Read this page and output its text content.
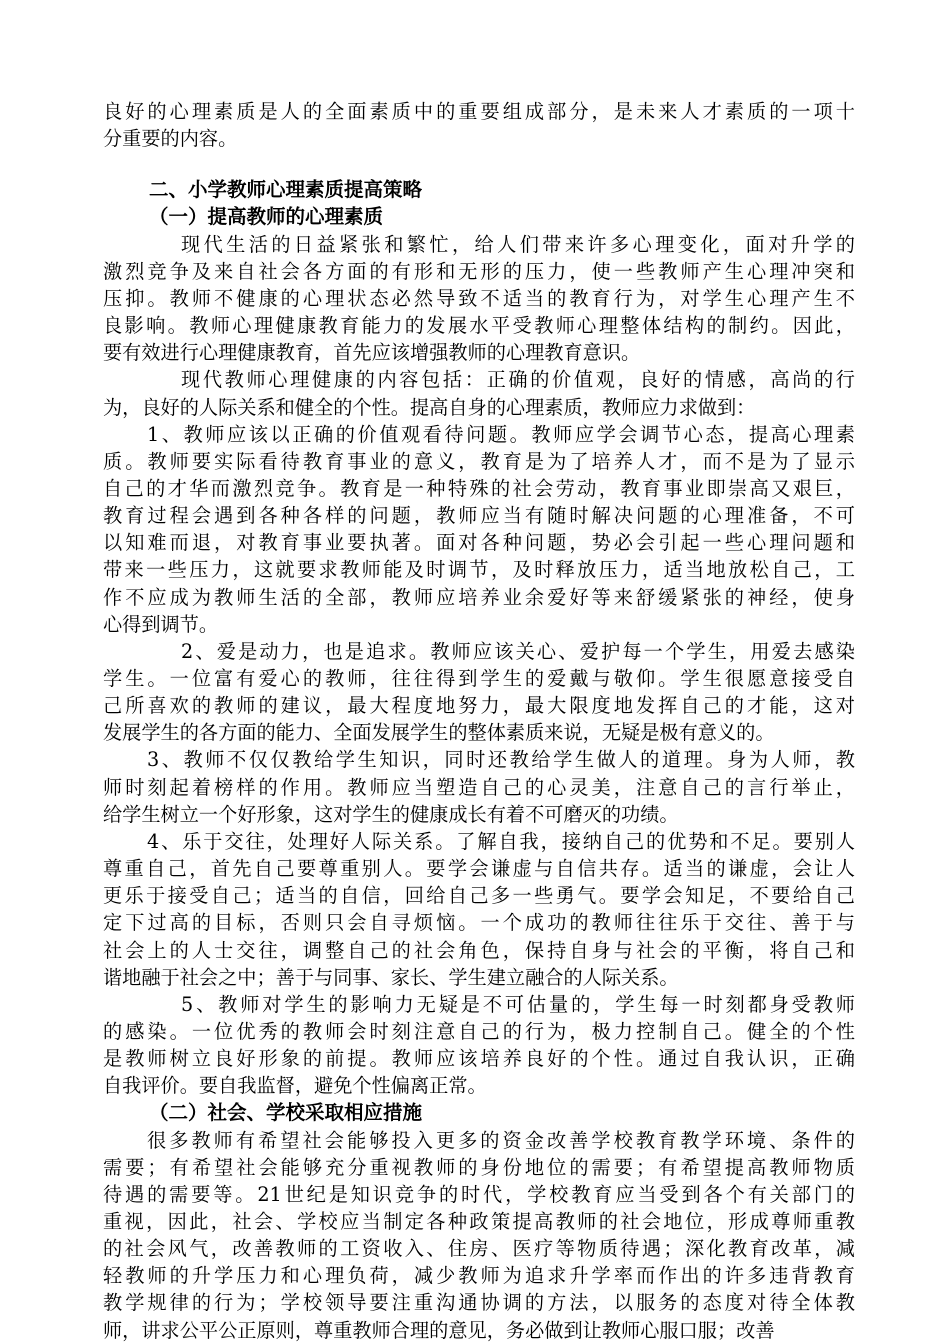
良好的心理素质是人的全面素质中的重要组成部分，是未来人才素质的一项十
分重要的内容。
二、小学教师心理素质提高策略
（一）提高教师的心理素质
现代生活的日益紧张和繁忙，给人们带来许多心理变化，面对升学的
激烈竞争及来自社会各方面的有形和无形的压力，使一些教师产生心理冲突和
压抑。教师不健康的心理状态必然导致不适当的教育行为，对学生心理产生不
良影响。教师心理健康教育能力的发展水平受教师心理整体结构的制约。因此，
要有效进行心理健康教育，首先应该增强教师的心理教育意识。
现代教师心理健康的内容包括：正确的价值观，良好的情感，高尚的行
为，良好的人际关系和健全的个性。提高自身的心理素质，教师应力求做到：
1、教师应该以正确的价值观看待问题。教师应学会调节心态，提高心理素
质。教师要实际看待教育事业的意义，教育是为了培养人才，而不是为了显示
自己的才华而激烈竞争。教育是一种特殊的社会劳动，教育事业即崇高又艰巨，
教育过程会遇到各种各样的问题，教师应当有随时解决问题的心理准备，不可
以知难而退，对教育事业要执著。面对各种问题，势必会引起一些心理问题和
带来一些压力，这就要求教师能及时调节，及时释放压力，适当地放松自己，工
作不应成为教师生活的全部，教师应培养业余爱好等来舒缓紧张的神经，使身
心得到调节。
2、爱是动力，也是追求。教师应该关心、爱护每一个学生，用爱去感染
学生。一位富有爱心的教师，往往得到学生的爱戴与敬仰。学生很愿意接受自
己所喜欢的教师的建议，最大程度地努力，最大限度地发挥自己的才能，这对
发展学生的各方面的能力、全面发展学生的整体素质来说，无疑是极有意义的。
3、教师不仅仅教给学生知识，同时还教给学生做人的道理。身为人师，教
师时刻起着榜样的作用。教师应当塑造自己的心灵美，注意自己的言行举止，
给学生树立一个好形象，这对学生的健康成长有着不可磨灭的功绩。
4、乐于交往，处理好人际关系。了解自我，接纳自己的优势和不足。要别人
尊重自己，首先自己要尊重别人。要学会谦虚与自信共存。适当的谦虚，会让人
更乐于接受自己；适当的自信，回给自己多一些勇气。要学会知足，不要给自己
定下过高的目标，否则只会自寻烦恼。一个成功的教师往往乐于交往、善于与
社会上的人士交往，调整自己的社会角色，保持自身与社会的平衡，将自己和
谐地融于社会之中；善于与同事、家长、学生建立融合的人际关系。
5、教师对学生的影响力无疑是不可估量的，学生每一时刻都身受教师
的感染。一位优秀的教师会时刻注意自己的行为，极力控制自己。健全的个性
是教师树立良好形象的前提。教师应该培养良好的个性。通过自我认识，正确
自我评价。要自我监督，避免个性偏离正常。
（二）社会、学校采取相应措施
很多教师有希望社会能够投入更多的资金改善学校教育教学环境、条件的
需要；有希望社会能够充分重视教师的身份地位的需要；有希望提高教师物质
待遇的需要等。21世纪是知识竞争的时代，学校教育应当受到各个有关部门的
重视，因此，社会、学校应当制定各种政策提高教师的社会地位，形成尊师重教
的社会风气，改善教师的工资收入、住房、医疗等物质待遇；深化教育改革，减
轻教师的升学压力和心理负荷，减少教师为追求升学率而作出的许多违背教育
教学规律的行为；学校领导要注重沟通协调的方法，以服务的态度对待全体教
师，讲求公平公正原则，尊重教师合理的意见，务必做到让教师心服口服；改善
